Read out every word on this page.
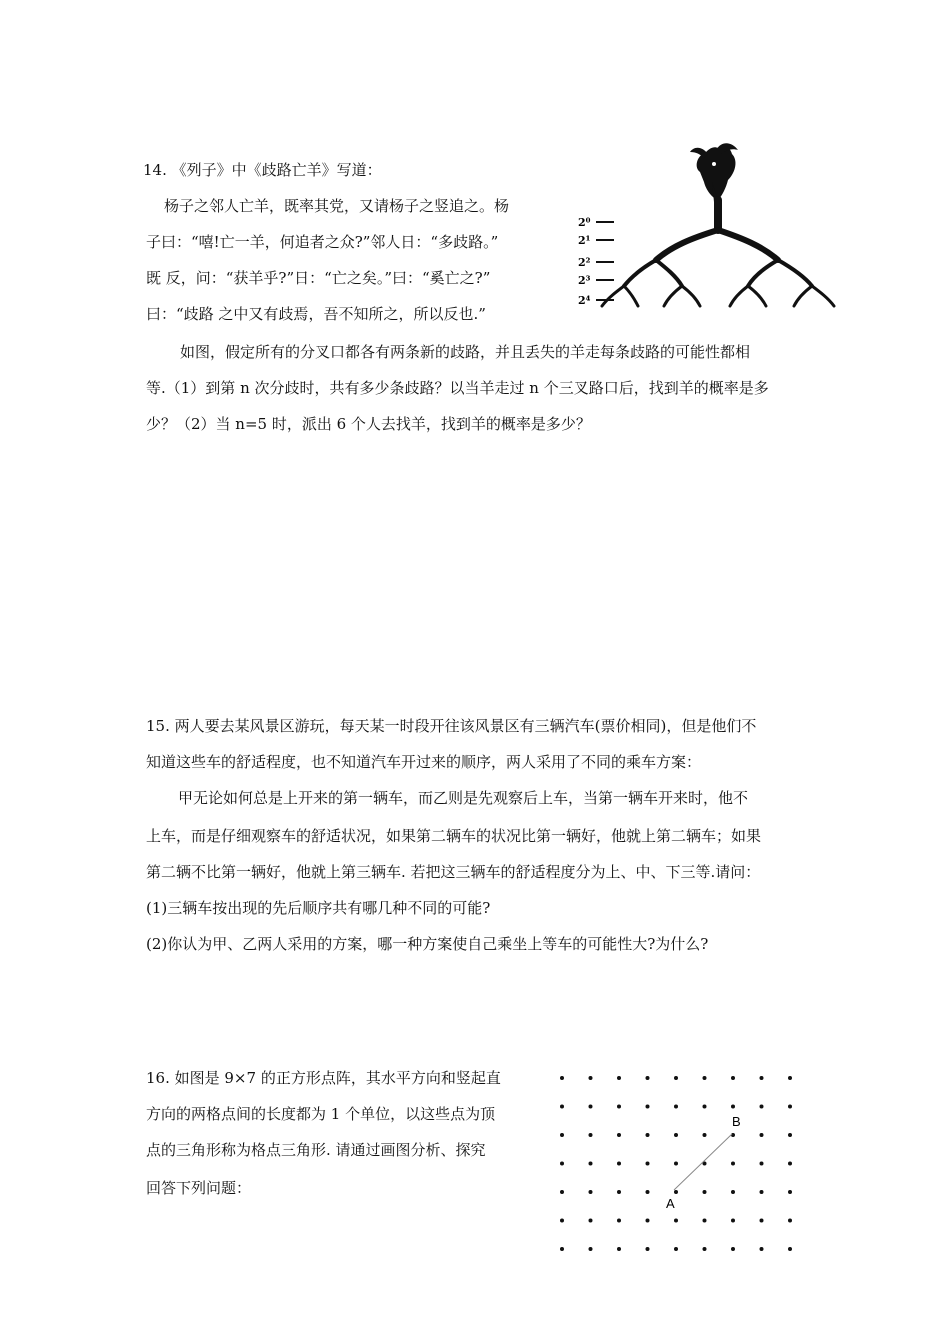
14. 《列子》中《歧路亡羊》写道：
杨子之邻人亡羊，既率其党，又请杨子之竖追之。杨
子曰：“嘻!亡一羊，何追者之众?”邻人日：“多歧路。”
既 反，问：“获羊乎?”日：“亡之矣。”曰：“奚亡之?”
曰：“歧路 之中又有歧焉，吾不知所之，所以反也.”
如图，假定所有的分叉口都各有两条新的歧路，并且丢失的羊走每条歧路的可能性都相
等.（1）到第 n 次分歧时，共有多少条歧路？以当羊走过 n 个三叉路口后，找到羊的概率是多
少？（2）当 n=5 时，派出 6 个人去找羊，找到羊的概率是多少？
2⁰
2¹
2²
2³
2⁴
15. 两人要去某风景区游玩，每天某一时段开往该风景区有三辆汽车(票价相同)，但是他们不
知道这些车的舒适程度，也不知道汽车开过来的顺序，两人采用了不同的乘车方案：
甲无论如何总是上开来的第一辆车，而乙则是先观察后上车，当第一辆车开来时，他不
上车，而是仔细观察车的舒适状况，如果第二辆车的状况比第一辆好，他就上第二辆车；如果
第二辆不比第一辆好，他就上第三辆车. 若把这三辆车的舒适程度分为上、中、下三等.请问：
(1)三辆车按出现的先后顺序共有哪几种不同的可能?
(2)你认为甲、乙两人采用的方案，哪一种方案使自己乘坐上等车的可能性大?为什么?
16. 如图是 9×7 的正方形点阵，其水平方向和竖起直
方向的两格点间的长度都为 1 个单位，以这些点为顶
点的三角形称为格点三角形. 请通过画图分析、探究
回答下列问题：
A
B
